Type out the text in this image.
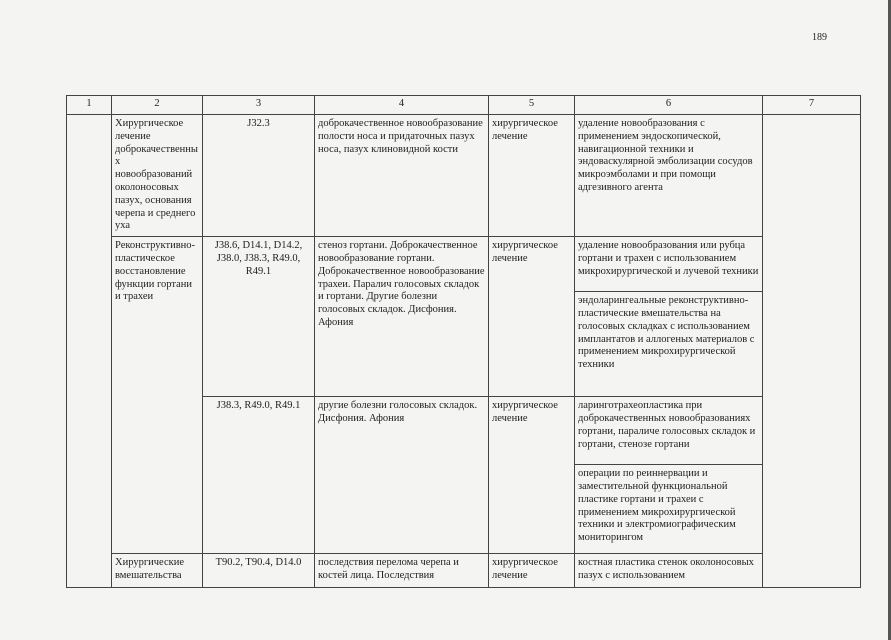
189
1	2	3	4	5	6	7
	Хирургическое лечение доброкачественных новообразований околоносовых пазух, основания черепа и среднего уха	J32.3	доброкачественное новообразование полости носа и придаточных пазух носа, пазух клиновидной кости	хирургическое лечение	удаление новообразования с применением эндоскопической, навигационной техники и эндоваскулярной эмболизации сосудов микроэмболами и при помощи адгезивного агента	
	Реконструктивно-пластическое восстановление функции гортани и трахеи	J38.6, D14.1, D14.2, J38.0, J38.3, R49.0, R49.1	стеноз гортани. Доброкачественное новообразование гортани. Доброкачественное новообразование трахеи. Паралич голосовых складок и гортани. Другие болезни голосовых складок. Дисфония. Афония	хирургическое лечение	удаление новообразования или рубца гортани и трахеи с использованием микрохирургической и лучевой техники	
					эндоларингеальные реконструктивно-пластические вмешательства на голосовых складках с использованием имплантатов и аллогеных материалов с применением микрохирургической техники	
		J38.3, R49.0, R49.1	другие болезни голосовых складок. Дисфония. Афония	хирургическое лечение	ларинготрахеопластика при доброкачественных новообразованиях гортани, параличе голосовых складок и гортани, стенозе гортани	
					операции по реиннервации и заместительной функциональной пластике гортани и трахеи с применением микрохирургической техники и электромиографическим мониторингом	
	Хирургические вмешательства	T90.2, T90.4, D14.0	последствия перелома черепа и костей лица. Последствия	хирургическое лечение	костная пластика стенок околоносовых пазух с использованием	
